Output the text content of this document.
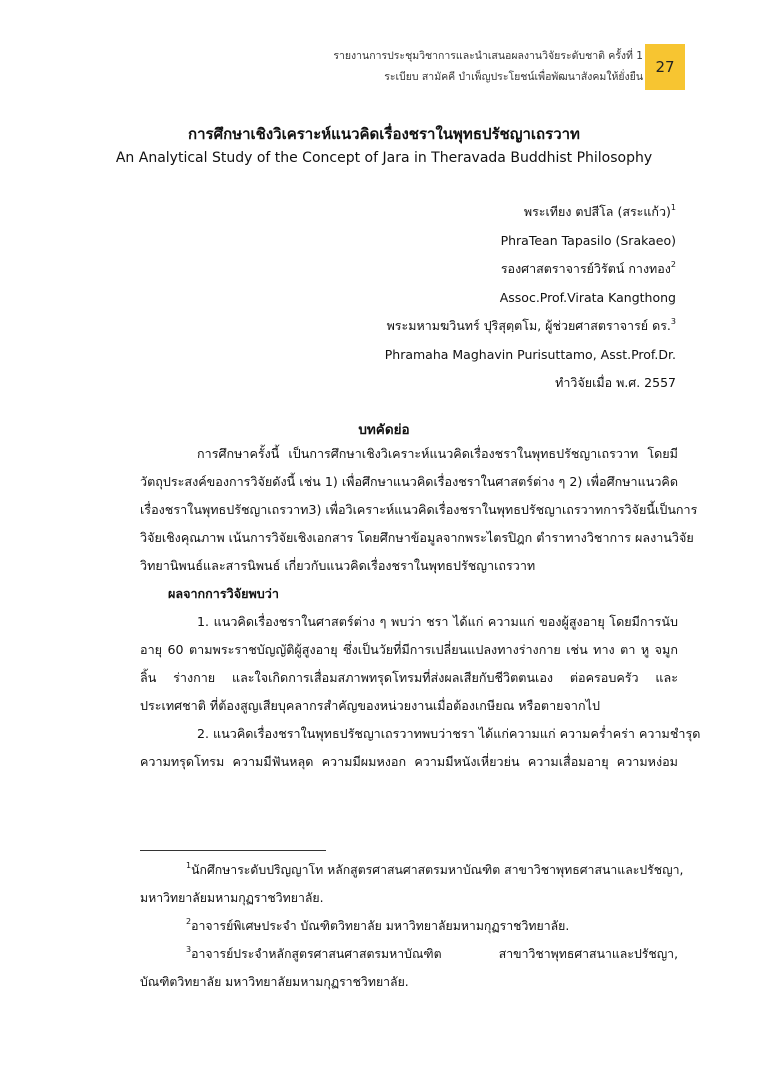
รายงานการประชุมวิชาการและนำเสนอผลงานวิจัยระดับชาติ ครั้งที่ 1
ระเบียบ สามัคคี บำเพ็ญประโยชน์เพื่อพัฒนาสังคมให้ยั่งยืน
27
การศึกษาเชิงวิเคราะห์แนวคิดเรื่องชราในพุทธปรัชญาเถรวาท
An Analytical Study of the Concept of Jara in Theravada Buddhist Philosophy
พระเทียง ตปสีโล (สระแก้ว)$^1$
PhraTean Tapasilo (Srakaeo)
รองศาสตราจารย์วิรัตน์ กางทอง$^2$
Assoc.Prof.Virata Kangthong
พระมหามฆวินทร์ ปุริสุตฺตโม, ผู้ช่วยศาสตราจารย์ ดร.$^3$
Phramaha Maghavin Purisuttamo, Asst.Prof.Dr.
ทำวิจัยเมื่อ พ.ศ. 2557
บทคัดย่อ
การศึกษาครั้งนี้ เป็นการศึกษาเชิงวิเคราะห์แนวคิดเรื่องชราในพุทธปรัชญาเถรวาท โดยมี
วัตถุประสงค์ของการวิจัยดังนี้ เช่น 1) เพื่อศึกษาแนวคิดเรื่องชราในศาสตร์ต่าง ๆ 2) เพื่อศึกษาแนวคิด
เรื่องชราในพุทธปรัชญาเถรวาท3) เพื่อวิเคราะห์แนวคิดเรื่องชราในพุทธปรัชญาเถรวาทการวิจัยนี้เป็นการ
วิจัยเชิงคุณภาพ เน้นการวิจัยเชิงเอกสาร โดยศึกษาข้อมูลจากพระไตรปิฎก ตำราทางวิชาการ ผลงานวิจัย
วิทยานิพนธ์และสารนิพนธ์ เกี่ยวกับแนวคิดเรื่องชราในพุทธปรัชญาเถรวาท
ผลจากการวิจัยพบว่า
1. แนวคิดเรื่องชราในศาสตร์ต่าง ๆ พบว่า ชรา ได้แก่ ความแก่ ของผู้สูงอายุ โดยมีการนับ
อายุ 60 ตามพระราชบัญญัติผู้สูงอายุ ซึ่งเป็นวัยที่มีการเปลี่ยนแปลงทางร่างกาย เช่น ทาง ตา หู จมูก
ลิ้น ร่างกาย และใจเกิดการเสื่อมสภาพทรุดโทรมที่ส่งผลเสียกับชีวิตตนเอง ต่อครอบครัว และ
ประเทศชาติ ที่ต้องสูญเสียบุคลากรสำคัญของหน่วยงานเมื่อต้องเกษียณ หรือตายจากไป
2. แนวคิดเรื่องชราในพุทธปรัชญาเถรวาทพบว่าชรา ได้แก่ความแก่ ความคร่ำคร่า ความชำรุด
ความทรุดโทรม ความมีฟันหลุด ความมีผมหงอก ความมีหนังเหี่ยวย่น ความเสื่อมอายุ ความหง่อม
$^1$นักศึกษาระดับปริญญาโท หลักสูตรศาสนศาสตรมหาบัณฑิต สาขาวิชาพุทธศาสนาและปรัชญา,
มหาวิทยาลัยมหามกุฏราชวิทยาลัย.
$^2$อาจารย์พิเศษประจำ บัณฑิตวิทยาลัย มหาวิทยาลัยมหามกุฏราชวิทยาลัย.
$^3$อาจารย์ประจำหลักสูตรศาสนศาสตรมหาบัณฑิต สาขาวิชาพุทธศาสนาและปรัชญา,
บัณฑิตวิทยาลัย มหาวิทยาลัยมหามกุฏราชวิทยาลัย.
